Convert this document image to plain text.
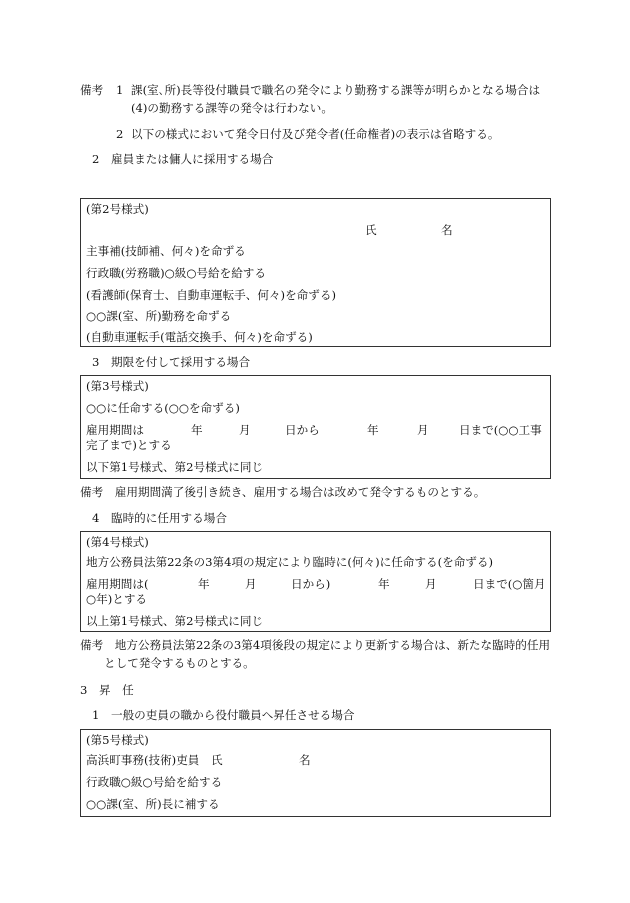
備考 1 課(室､所)長等役付職員で職名の発令により勤務する課等が明らかとなる場合は
(4)の勤務する課等の発令は行わない。
2 以下の様式において発令日付及び発令者(任命権者)の表示は省略する。
2　雇員または傭人に採用する場合
(第2号様式)
氏	名
主事補(技師補、何々)を命ずる
行政職(労務職)○級○号給を給する
(看護師(保育士、自動車運転手、何々)を命ずる)
○○課(室、所)勤務を命ずる
(自動車運転手(電話交換手、何々)を命ずる)
3　期限を付して採用する場合
(第3号様式)
○○に任命する(○○を命ずる)
雇用期間は	年	月	日から	年	月	日まで(○○工事
完了まで)とする
以下第1号様式、第2号様式に同じ
備考　雇用期間満了後引き続き、雇用する場合は改めて発令するものとする。
4　臨時的に任用する場合
(第4号様式)
地方公務員法第22条の3第4項の規定により臨時に(何々)に任命する(を命ずる)
雇用期間は(	年	月	日から)	年	月	日まで(○箇月
○年)とする
以上第1号様式、第2号様式に同じ
備考　地方公務員法第22条の3第4項後段の規定により更新する場合は、新たな臨時的任用
として発令するものとする。
3　昇　任
1　一般の吏員の職から役付職員へ昇任させる場合
(第5号様式)
高浜町事務(技術)吏員　氏	名
行政職○級○号給を給する
○○課(室、所)長に補する
